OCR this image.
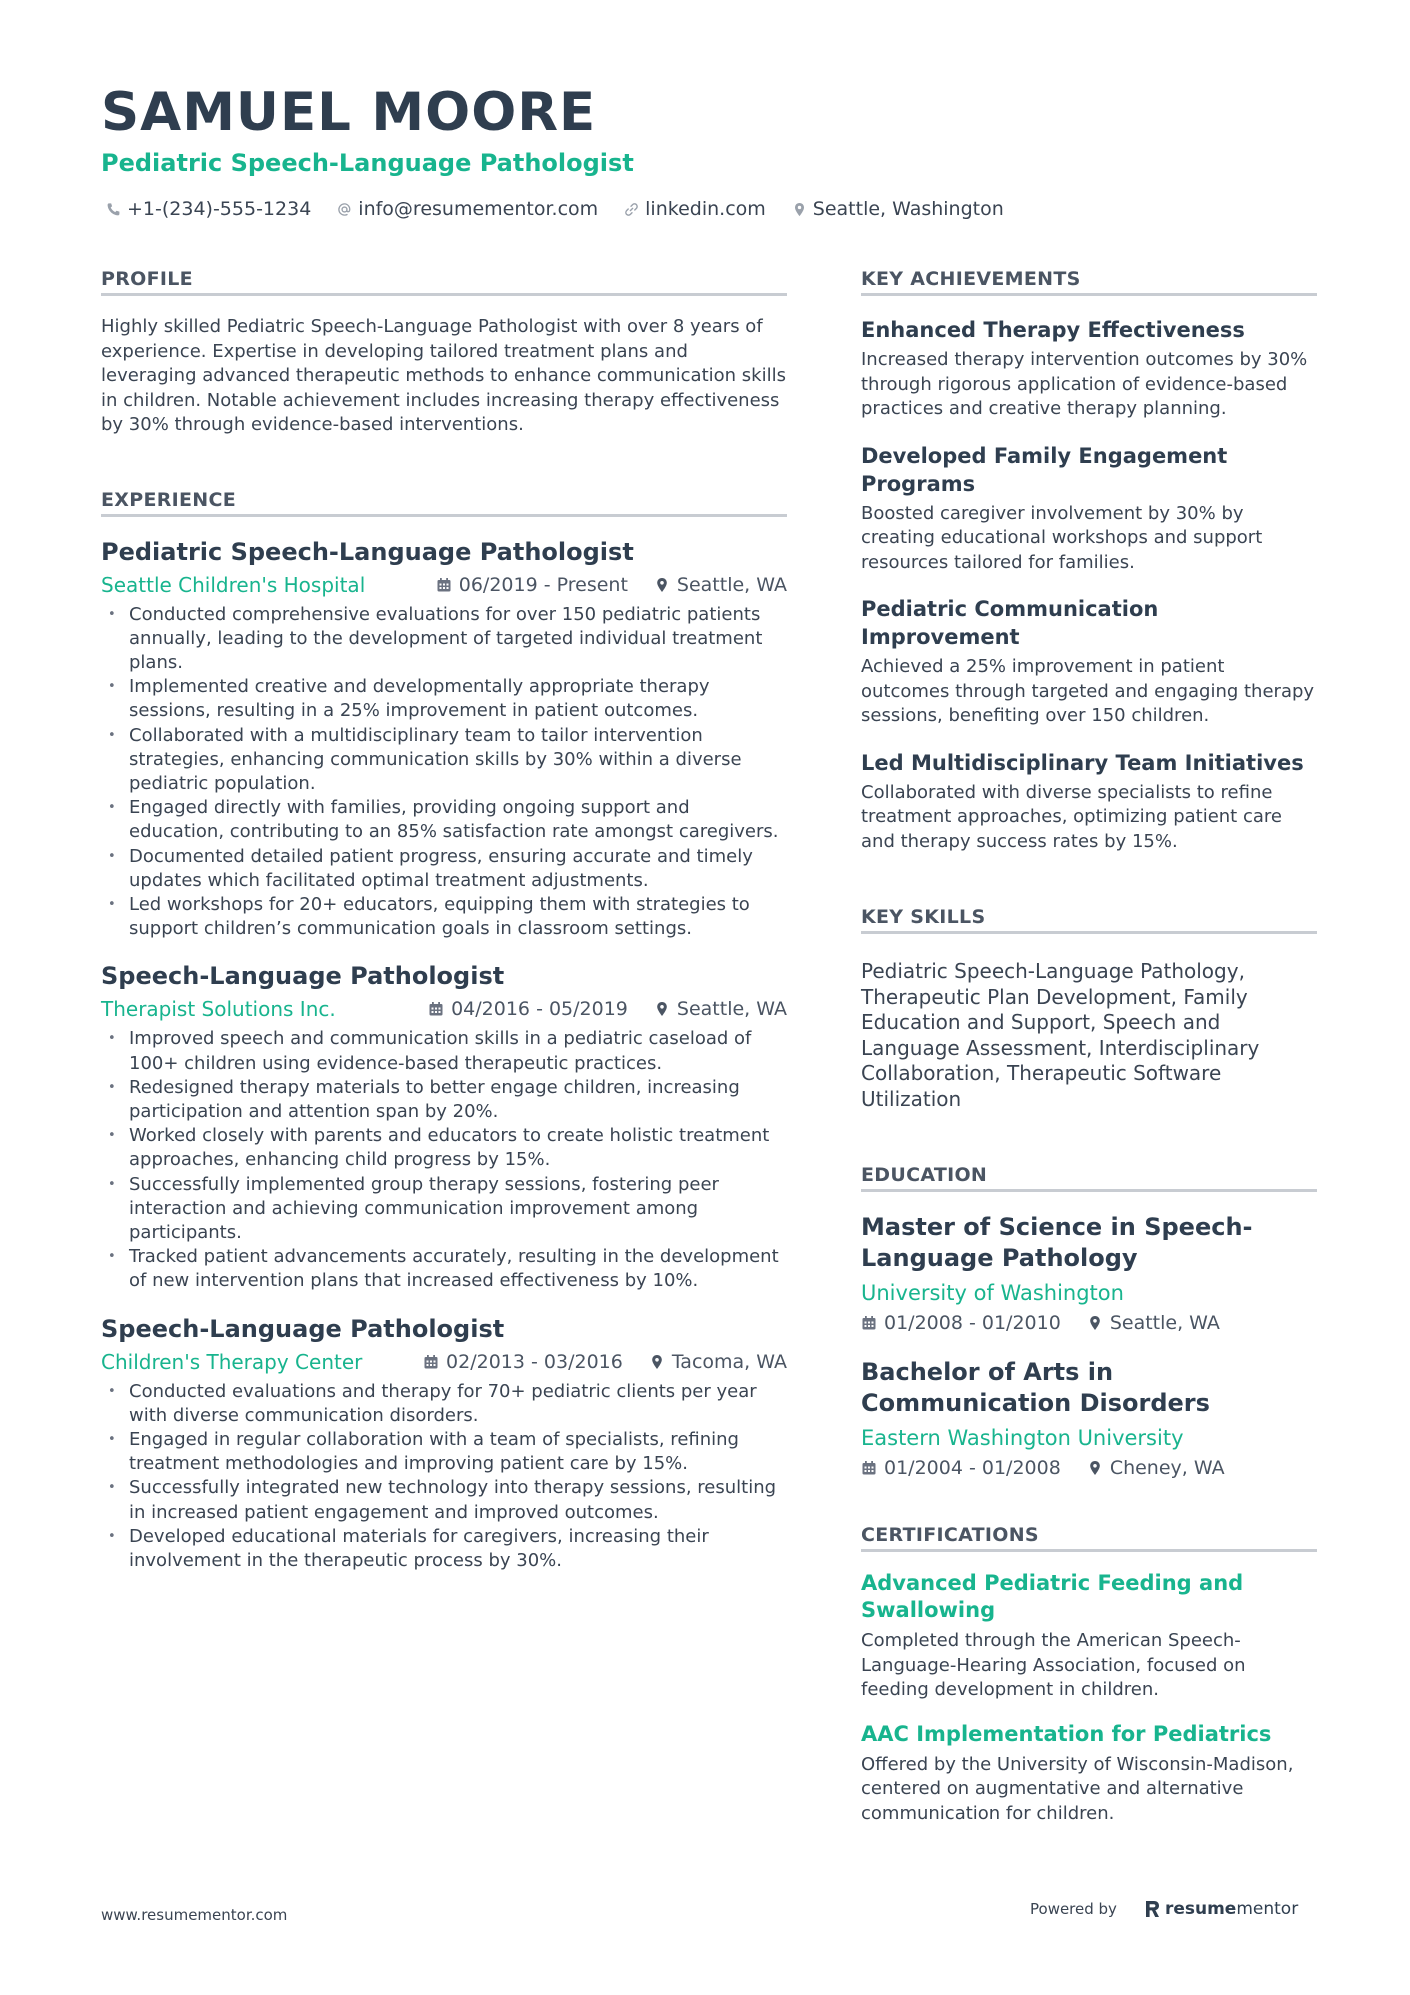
SAMUEL MOORE
Pediatric Speech-Language Pathologist
+1-(234)-555-1234 info@resumementor.com linkedin.com Seattle, Washington
PROFILE

Highly skilled Pediatric Speech-Language Pathologist with over 8 years of experience. Expertise in developing tailored treatment plans and leveraging advanced therapeutic methods to enhance communication skills in children. Notable achievement includes increasing therapy effectiveness by 30% through evidence-based interventions.

EXPERIENCE
Pediatric Speech-Language Pathologist
Seattle Children's Hospital	06/2019 - Present	Seattle, WA
• Conducted comprehensive evaluations for over 150 pediatric patients annually, leading to the development of targeted individual treatment plans.
• Implemented creative and developmentally appropriate therapy sessions, resulting in a 25% improvement in patient outcomes.
• Collaborated with a multidisciplinary team to tailor intervention strategies, enhancing communication skills by 30% within a diverse pediatric population.
• Engaged directly with families, providing ongoing support and education, contributing to an 85% satisfaction rate amongst caregivers.
• Documented detailed patient progress, ensuring accurate and timely updates which facilitated optimal treatment adjustments.
• Led workshops for 20+ educators, equipping them with strategies to support children’s communication goals in classroom settings.
Speech-Language Pathologist
Therapist Solutions Inc.	04/2016 - 05/2019	Seattle, WA
• Improved speech and communication skills in a pediatric caseload of 100+ children using evidence-based therapeutic practices.
• Redesigned therapy materials to better engage children, increasing participation and attention span by 20%.
• Worked closely with parents and educators to create holistic treatment approaches, enhancing child progress by 15%.
• Successfully implemented group therapy sessions, fostering peer interaction and achieving communication improvement among participants.
• Tracked patient advancements accurately, resulting in the development of new intervention plans that increased effectiveness by 10%.
Speech-Language Pathologist
Children's Therapy Center	02/2013 - 03/2016	Tacoma, WA
• Conducted evaluations and therapy for 70+ pediatric clients per year with diverse communication disorders.
• Engaged in regular collaboration with a team of specialists, refining treatment methodologies and improving patient care by 15%.
• Successfully integrated new technology into therapy sessions, resulting in increased patient engagement and improved outcomes.
• Developed educational materials for caregivers, increasing their involvement in the therapeutic process by 30%.
KEY ACHIEVEMENTS
Enhanced Therapy Effectiveness

Increased therapy intervention outcomes by 30% through rigorous application of evidence-based practices and creative therapy planning.

Developed Family Engagement Programs

Boosted caregiver involvement by 30% by creating educational workshops and support resources tailored for families.

Pediatric Communication Improvement

Achieved a 25% improvement in patient outcomes through targeted and engaging therapy sessions, benefiting over 150 children.

Led Multidisciplinary Team Initiatives

Collaborated with diverse specialists to refine treatment approaches, optimizing patient care and therapy success rates by 15%.

KEY SKILLS

Pediatric Speech-Language Pathology, Therapeutic Plan Development, Family Education and Support, Speech and Language Assessment, Interdisciplinary Collaboration, Therapeutic Software Utilization

EDUCATION
Master of Science in Speech-Language Pathology
University of Washington
01/2008 - 01/2010	Seattle, WA
Bachelor of Arts in Communication Disorders
Eastern Washington University
01/2004 - 01/2008	Cheney, WA
CERTIFICATIONS
Advanced Pediatric Feeding and Swallowing

Completed through the American Speech-Language-Hearing Association, focused on feeding development in children.

AAC Implementation for Pediatrics

Offered by the University of Wisconsin-Madison, centered on augmentative and alternative communication for children.

www.resumementor.com	Powered by	resume mentor
